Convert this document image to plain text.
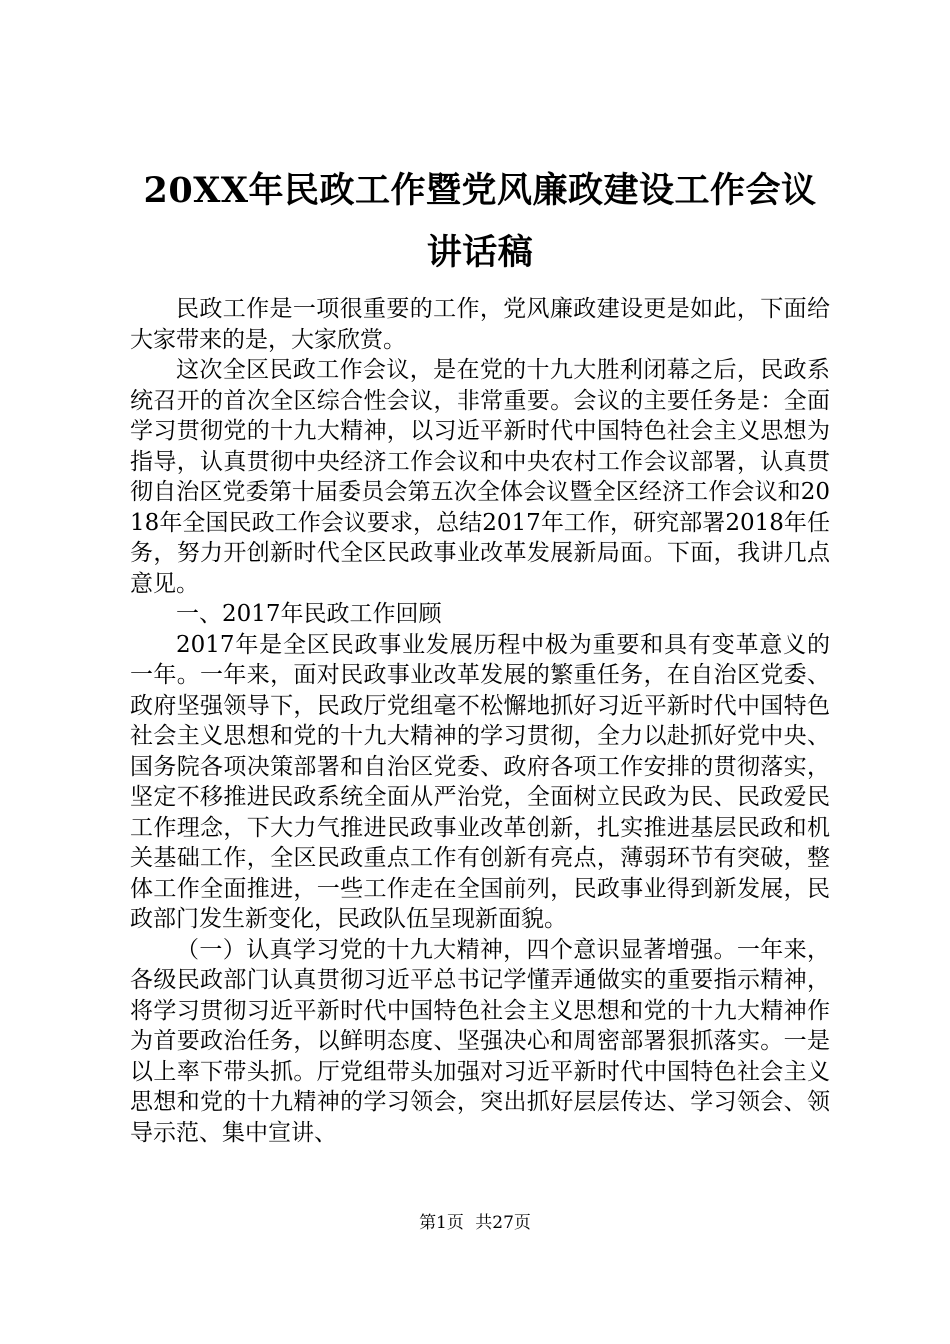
20XX年民政工作暨党风廉政建设工作会议讲话稿

民政工作是一项很重要的工作，党风廉政建设更是如此，下面给大家带来的是，大家欣赏。

这次全区民政工作会议，是在党的十九大胜利闭幕之后，民政系统召开的首次全区综合性会议，非常重要。会议的主要任务是：全面学习贯彻党的十九大精神，以习近平新时代中国特色社会主义思想为指导，认真贯彻中央经济工作会议和中央农村工作会议部署，认真贯彻自治区党委第十届委员会第五次全体会议暨全区经济工作会议和2018年全国民政工作会议要求，总结2017年工作，研究部署2018年任务，努力开创新时代全区民政事业改革发展新局面。下面，我讲几点意见。

一、2017年民政工作回顾

2017年是全区民政事业发展历程中极为重要和具有变革意义的一年。一年来，面对民政事业改革发展的繁重任务，在自治区党委、政府坚强领导下，民政厅党组毫不松懈地抓好习近平新时代中国特色社会主义思想和党的十九大精神的学习贯彻，全力以赴抓好党中央、国务院各项决策部署和自治区党委、政府各项工作安排的贯彻落实，坚定不移推进民政系统全面从严治党，全面树立民政为民、民政爱民工作理念，下大力气推进民政事业改革创新，扎实推进基层民政和机关基础工作，全区民政重点工作有创新有亮点，薄弱环节有突破，整体工作全面推进，一些工作走在全国前列，民政事业得到新发展，民政部门发生新变化，民政队伍呈现新面貌。

（一）认真学习党的十九大精神，四个意识显著增强。一年来，各级民政部门认真贯彻习近平总书记学懂弄通做实的重要指示精神，将学习贯彻习近平新时代中国特色社会主义思想和党的十九大精神作为首要政治任务，以鲜明态度、坚强决心和周密部署狠抓落实。一是以上率下带头抓。厅党组带头加强对习近平新时代中国特色社会主义思想和党的十九精神的学习领会，突出抓好层层传达、学习领会、领导示范、集中宣讲、

第1页 共27页
